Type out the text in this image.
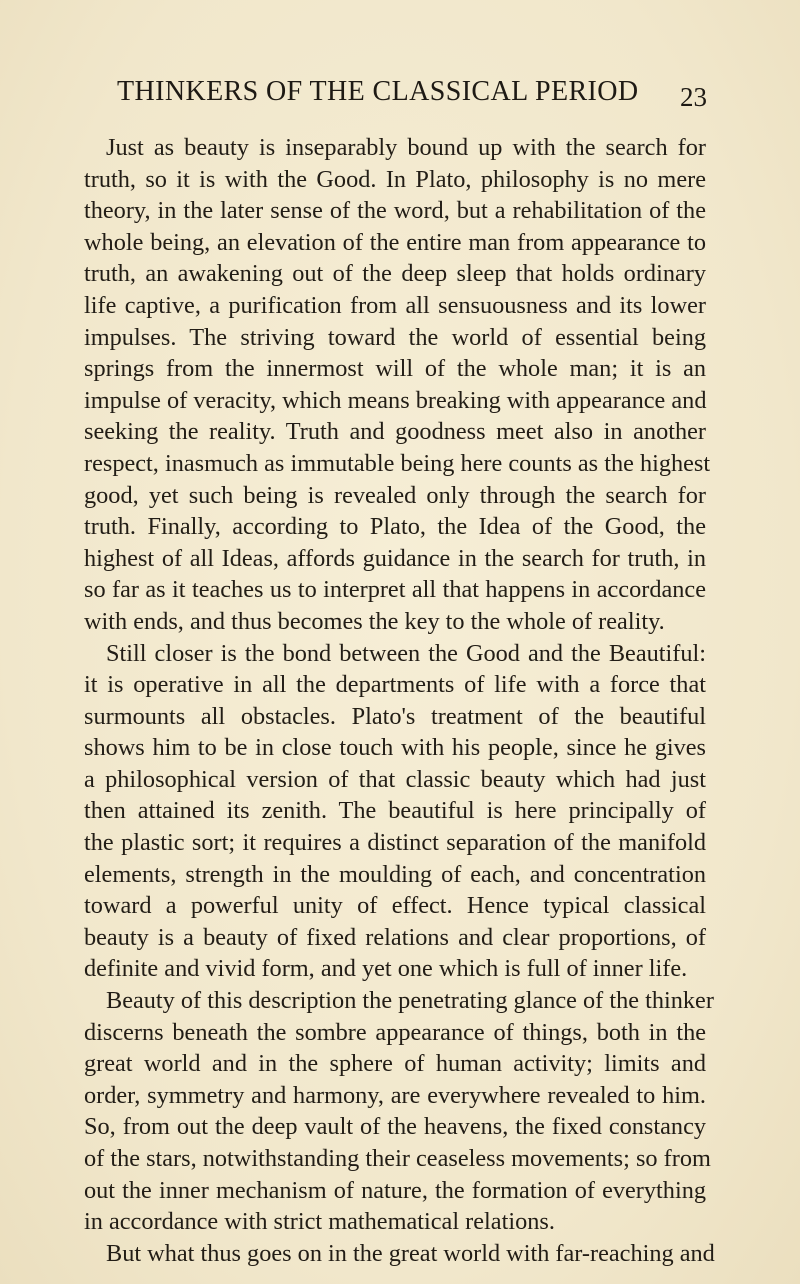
THINKERS OF THE CLASSICAL PERIOD 23
Just as beauty is inseparably bound up with the search for
truth, so it is with the Good. In Plato, philosophy is no mere
theory, in the later sense of the word, but a rehabilitation of the
whole being, an elevation of the entire man from appearance to
truth, an awakening out of the deep sleep that holds ordinary
life captive, a purification from all sensuousness and its lower
impulses. The striving toward the world of essential being
springs from the innermost will of the whole man; it is an
impulse of veracity, which means breaking with appearance and
seeking the reality. Truth and goodness meet also in another
respect, inasmuch as immutable being here counts as the highest
good, yet such being is revealed only through the search for
truth. Finally, according to Plato, the Idea of the Good, the
highest of all Ideas, affords guidance in the search for truth, in
so far as it teaches us to interpret all that happens in accordance
with ends, and thus becomes the key to the whole of reality.
Still closer is the bond between the Good and the Beautiful:
it is operative in all the departments of life with a force that
surmounts all obstacles. Plato's treatment of the beautiful
shows him to be in close touch with his people, since he gives
a philosophical version of that classic beauty which had just
then attained its zenith. The beautiful is here principally of
the plastic sort; it requires a distinct separation of the manifold
elements, strength in the moulding of each, and concentration
toward a powerful unity of effect. Hence typical classical
beauty is a beauty of fixed relations and clear proportions, of
definite and vivid form, and yet one which is full of inner life.
Beauty of this description the penetrating glance of the thinker
discerns beneath the sombre appearance of things, both in the
great world and in the sphere of human activity; limits and
order, symmetry and harmony, are everywhere revealed to him.
So, from out the deep vault of the heavens, the fixed constancy
of the stars, notwithstanding their ceaseless movements; so from
out the inner mechanism of nature, the formation of everything
in accordance with strict mathematical relations.
But what thus goes on in the great world with far-reaching and
